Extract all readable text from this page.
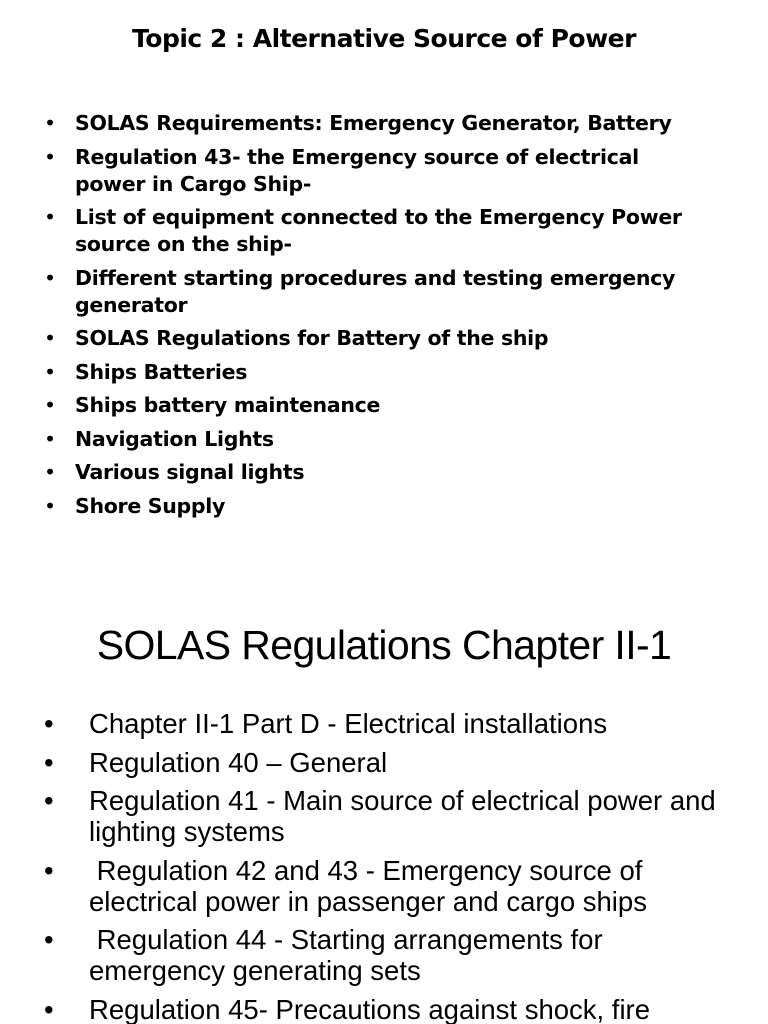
Topic 2 : Alternative Source of Power
• SOLAS Requirements: Emergency Generator, Battery
• Regulation 43- the Emergency source of electrical power in Cargo Ship-
• List of equipment connected to the Emergency Power source on the ship-
• Different starting procedures and testing emergency generator
• SOLAS Regulations for Battery of the ship
• Ships Batteries
• Ships battery maintenance
• Navigation Lights
• Various signal lights
• Shore Supply
SOLAS Regulations Chapter II-1
• Chapter II-1 Part D - Electrical installations
• Regulation 40 – General
• Regulation 41 - Main source of electrical power and lighting systems
•  Regulation 42 and 43 - Emergency source of electrical power in passenger and cargo ships
•  Regulation 44 - Starting arrangements for emergency generating sets
• Regulation 45- Precautions against shock, fire
